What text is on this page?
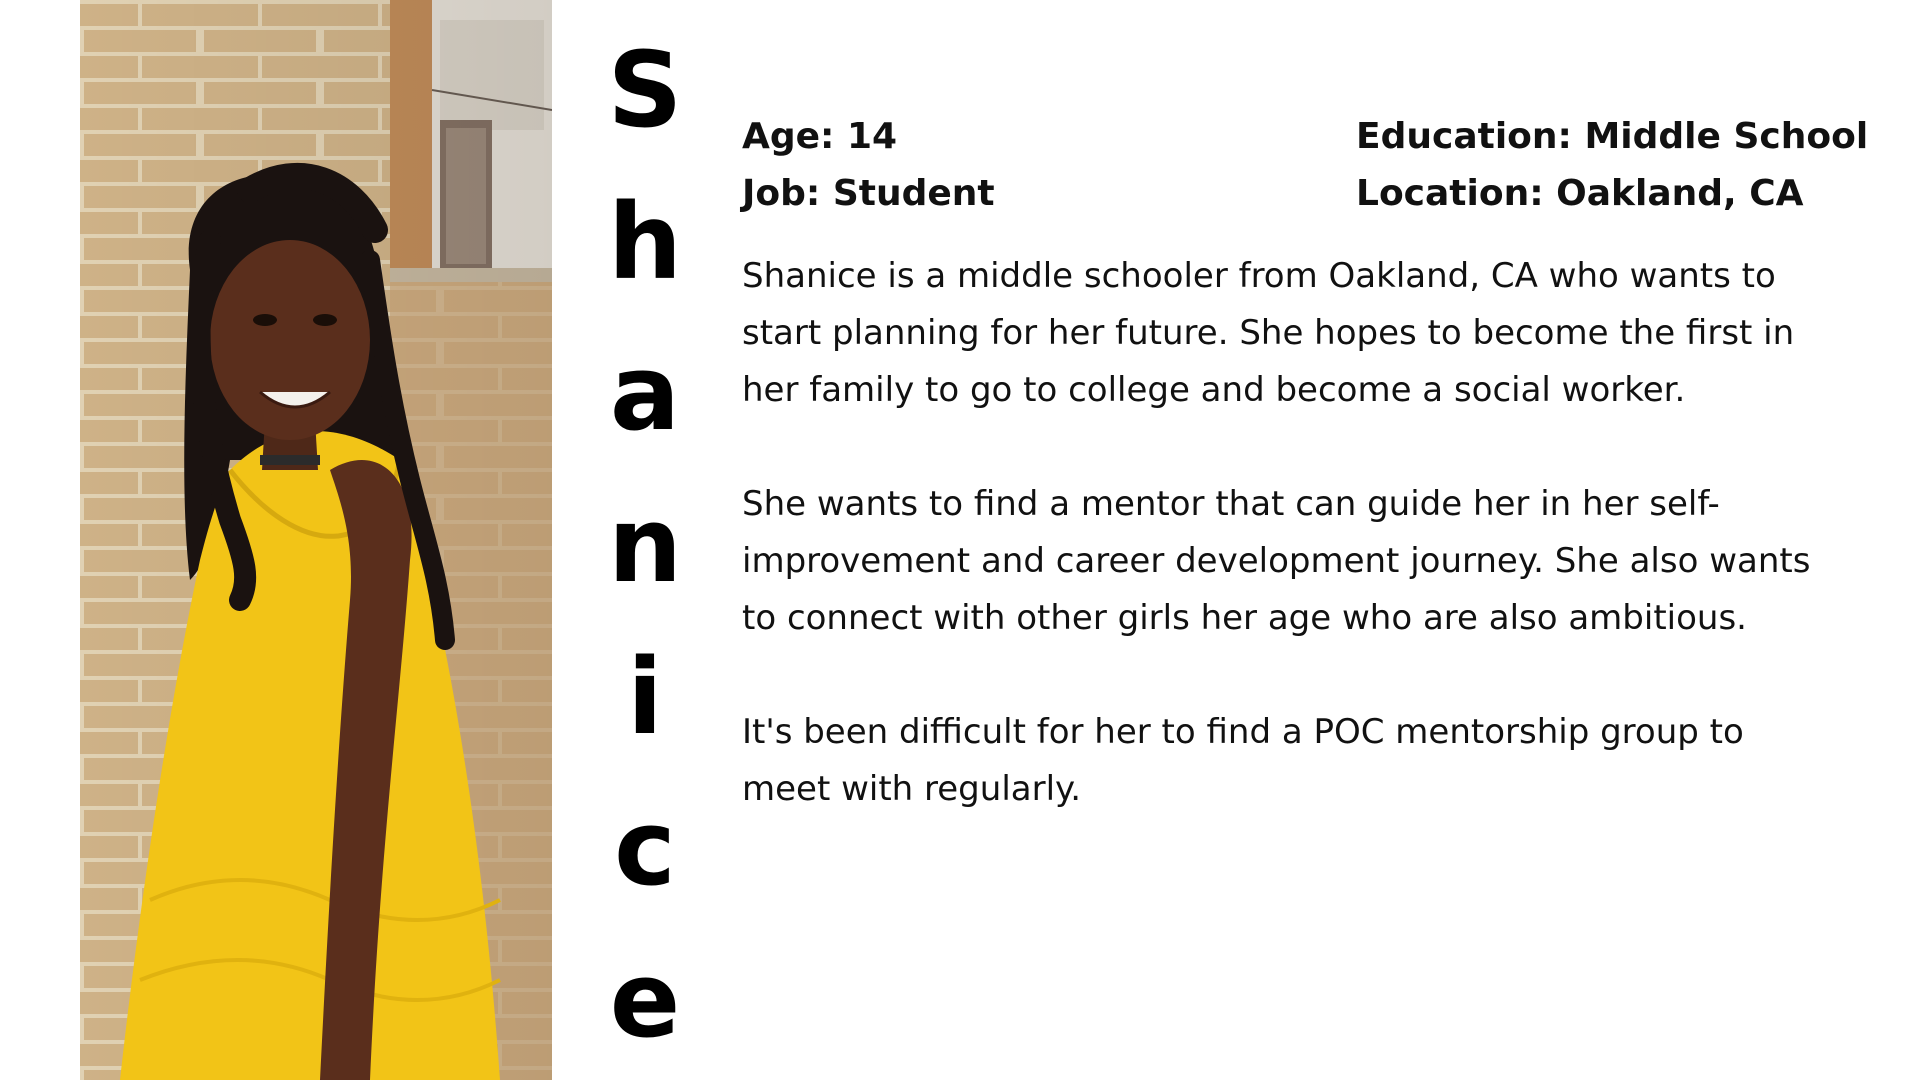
S
h
a
n
i
c
e
Age: 14
Job: Student
Education: Middle School
Location: Oakland, CA

Shanice is a middle schooler from Oakland, CA who wants to start planning for her future. She hopes to become the first in her family to go to college and become a social worker.

She wants to find a mentor that can guide her in her self-improvement and career development journey. She also wants to connect with other girls her age who are also ambitious.

It's been difficult for her to find a POC mentorship group to meet with regularly.
